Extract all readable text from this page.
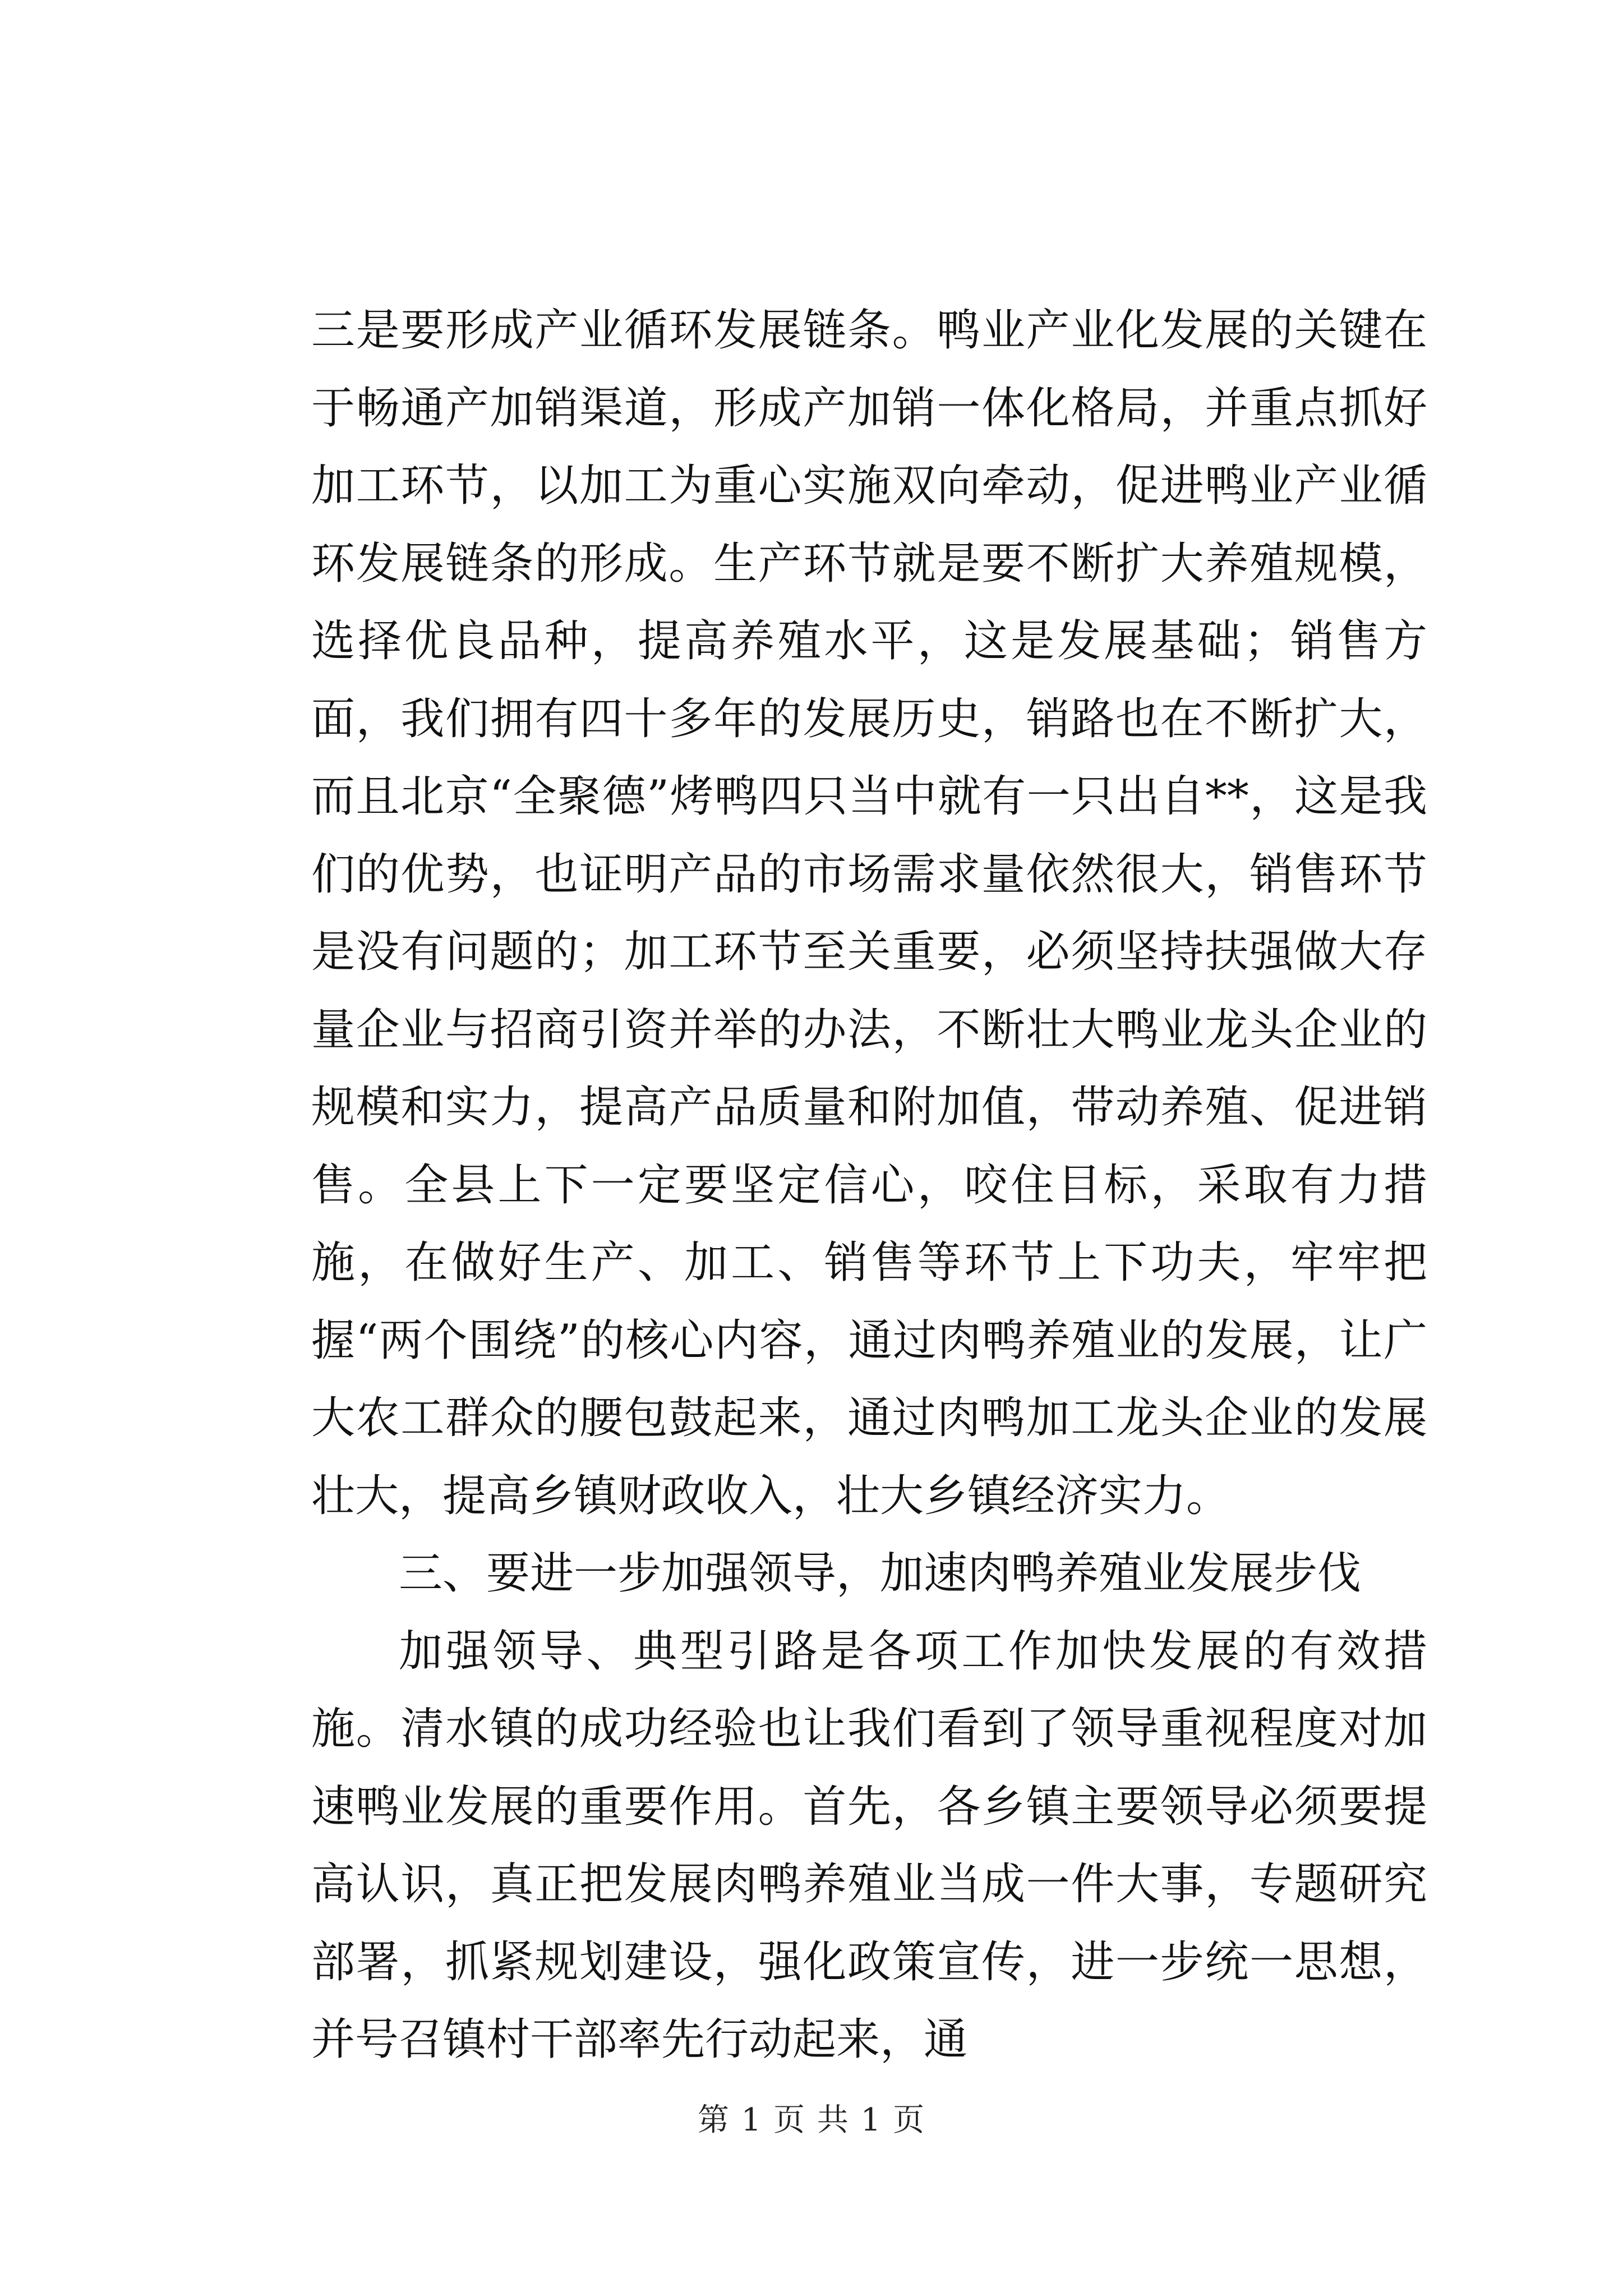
三是要形成产业循环发展链条。鸭业产业化发展的关键在于畅通产加销渠道，形成产加销一体化格局，并重点抓好加工环节，以加工为重心实施双向牵动，促进鸭业产业循环发展链条的形成。生产环节就是要不断扩大养殖规模，选择优良品种，提高养殖水平，这是发展基础；销售方面，我们拥有四十多年的发展历史，销路也在不断扩大，而且北京“全聚德”烤鸭四只当中就有一只出自**，这是我们的优势，也证明产品的市场需求量依然很大，销售环节是没有问题的；加工环节至关重要，必须坚持扶强做大存量企业与招商引资并举的办法，不断壮大鸭业龙头企业的规模和实力，提高产品质量和附加值，带动养殖、促进销售。全县上下一定要坚定信心，咬住目标，采取有力措施，在做好生产、加工、销售等环节上下功夫，牢牢把握“两个围绕”的核心内容，通过肉鸭养殖业的发展，让广大农工群众的腰包鼓起来，通过肉鸭加工龙头企业的发展壮大，提高乡镇财政收入，壮大乡镇经济实力。

三、要进一步加强领导，加速肉鸭养殖业发展步伐

加强领导、典型引路是各项工作加快发展的有效措施。清水镇的成功经验也让我们看到了领导重视程度对加速鸭业发展的重要作用。首先，各乡镇主要领导必须要提高认识，真正把发展肉鸭养殖业当成一件大事，专题研究部署，抓紧规划建设，强化政策宣传，进一步统一思想，并号召镇村干部率先行动起来，通

第 1 页 共 1 页
